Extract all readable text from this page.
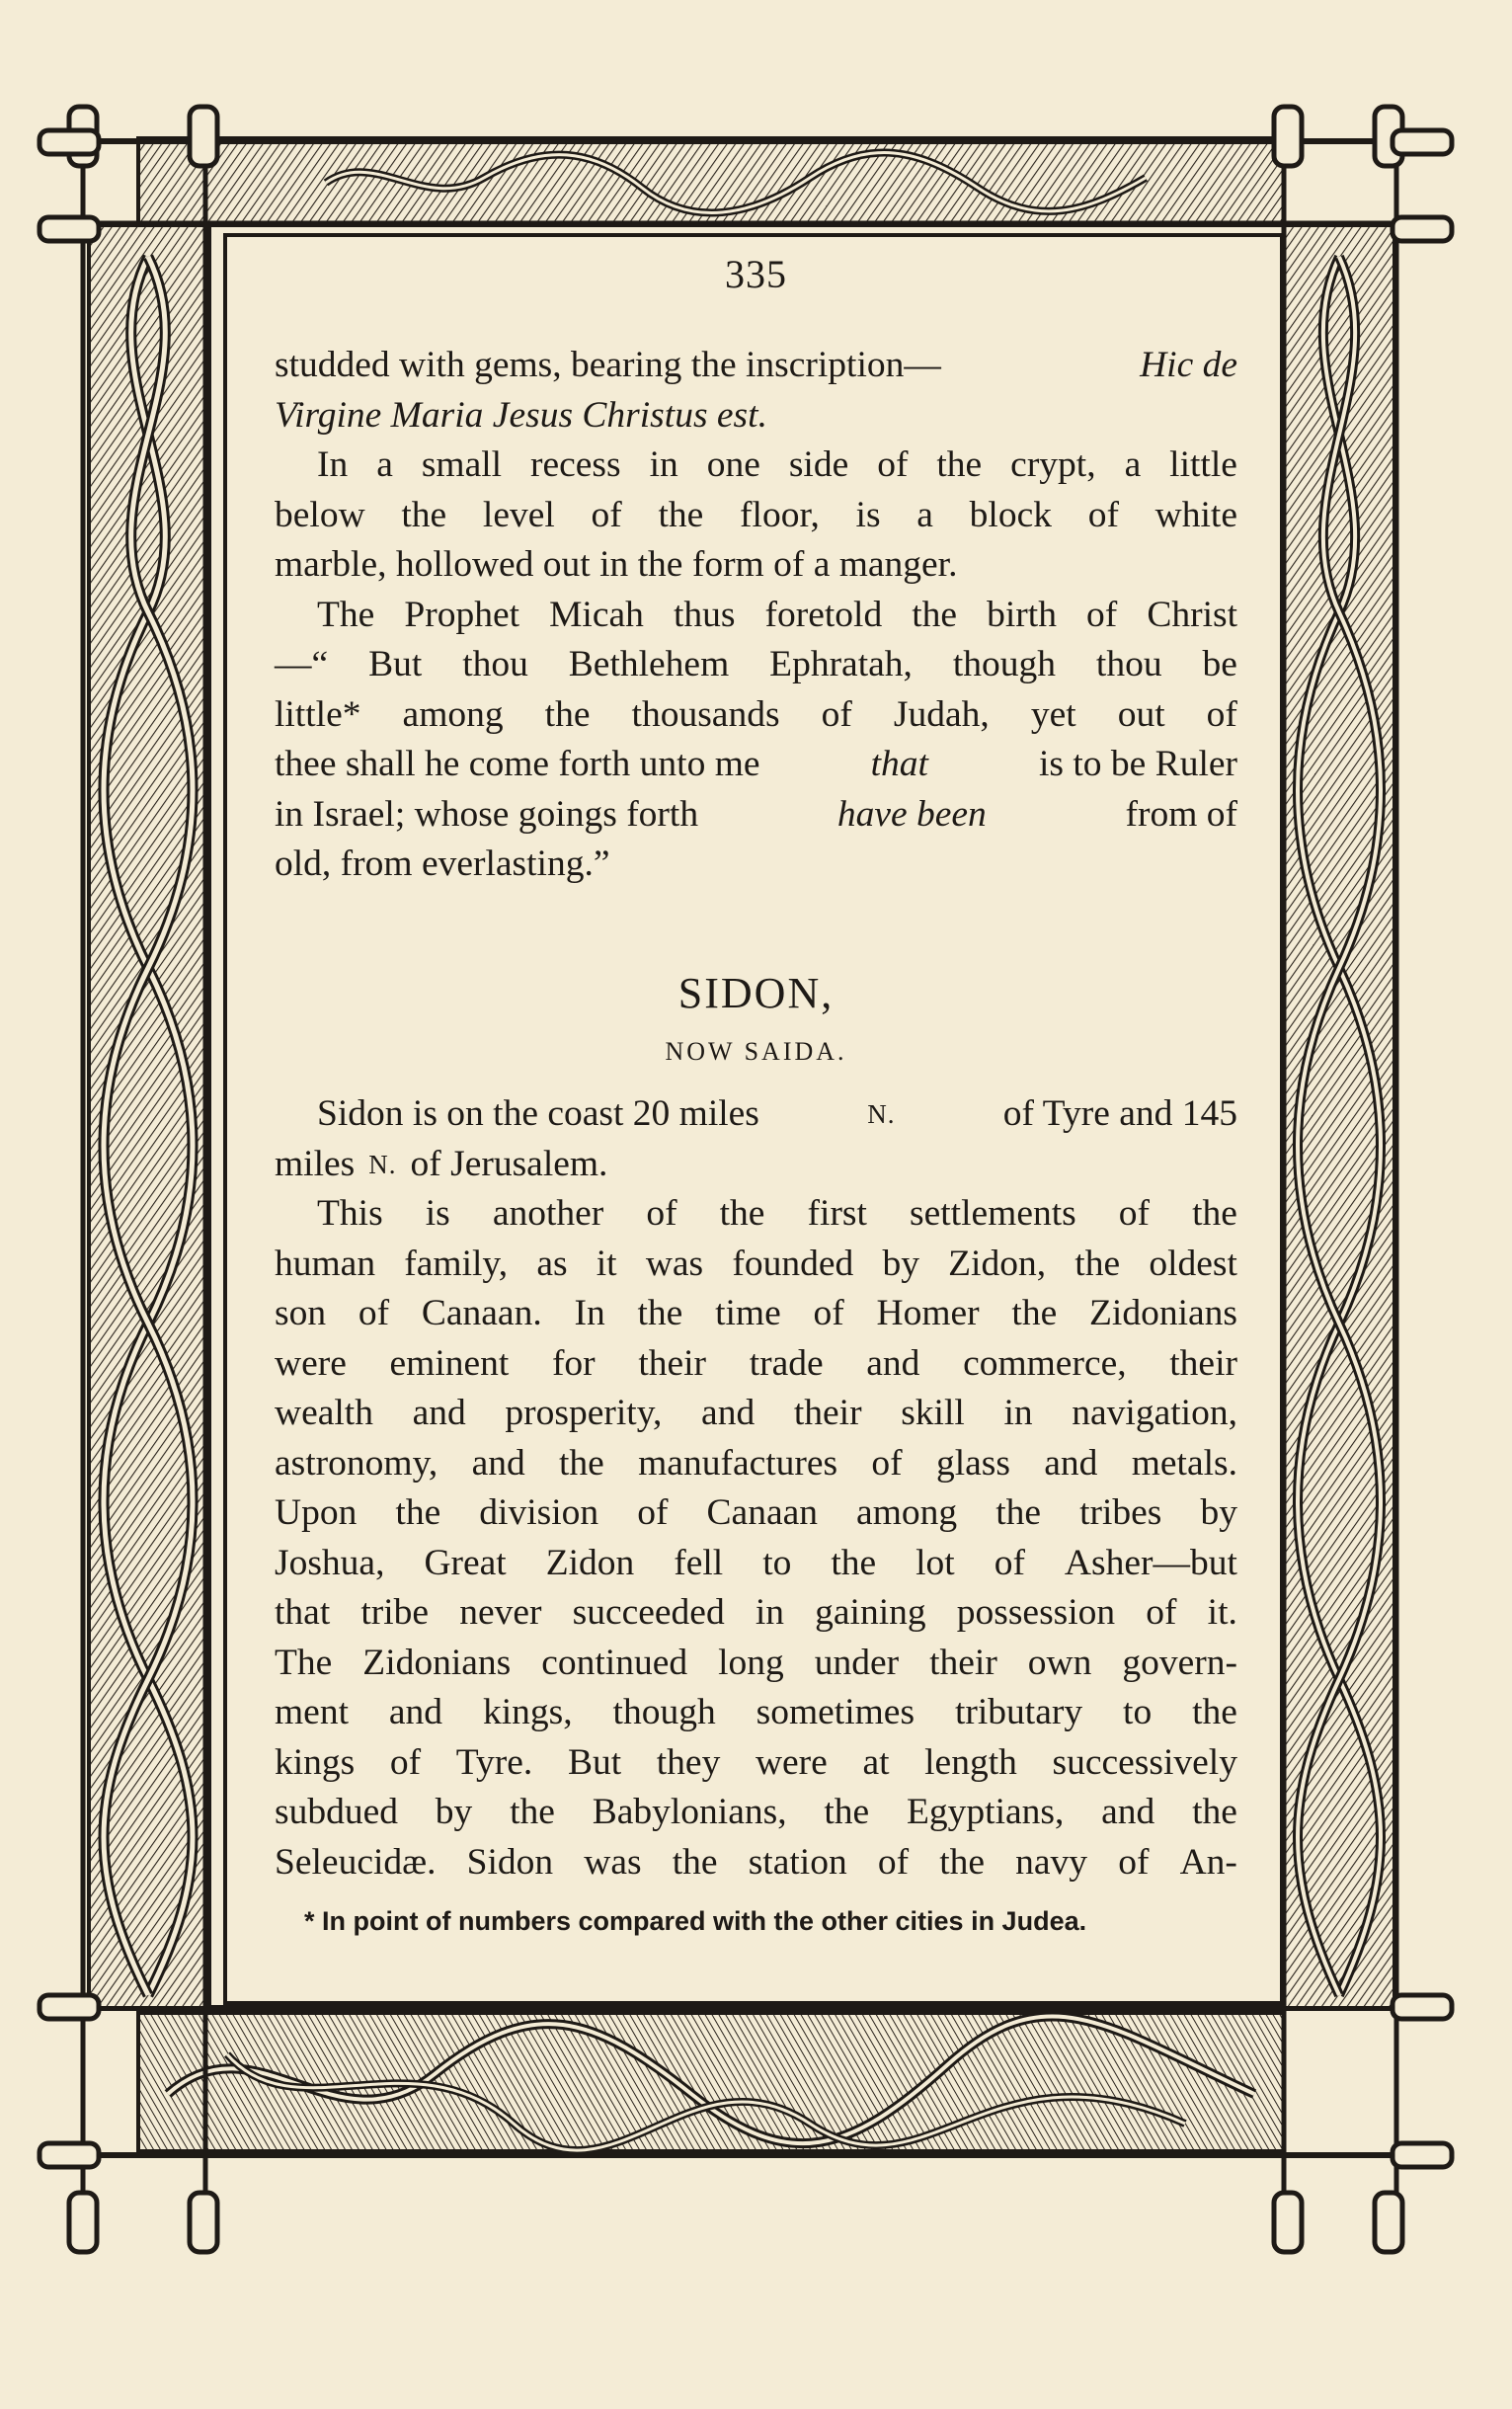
335
studded with gems, bearing the inscription—	Hic de
Virgine Maria Jesus Christus est.
In a small recess in one side of the crypt, a little
below the level of the floor, is a block of white
marble, hollowed out in the form of a manger.
The Prophet Micah thus foretold the birth of Christ
—“ But thou Bethlehem Ephratah, though thou be
little* among the thousands of Judah, yet out of
thee shall he come forth unto me	that	is to be Ruler
in Israel; whose goings forth	have been	from of
old, from everlasting.”
SIDON,
NOW SAIDA.
Sidon is on the coast 20 miles	N.	of Tyre and 145
miles N. of Jerusalem.
This is another of the first settlements of the
human family, as it was founded by Zidon, the oldest
son of Canaan. In the time of Homer the Zidonians
were eminent for their trade and commerce, their
wealth and prosperity, and their skill in navigation,
astronomy, and the manufactures of glass and metals.
Upon the division of Canaan among the tribes by
Joshua, Great Zidon fell to the lot of Asher—but
that tribe never succeeded in gaining possession of it.
The Zidonians continued long under their own govern-
ment and kings, though sometimes tributary to the
kings of Tyre. But they were at length successively
subdued by the Babylonians, the Egyptians, and the
Seleucidæ. Sidon was the station of the navy of An-
* In point of numbers compared with the other cities in Judea.
